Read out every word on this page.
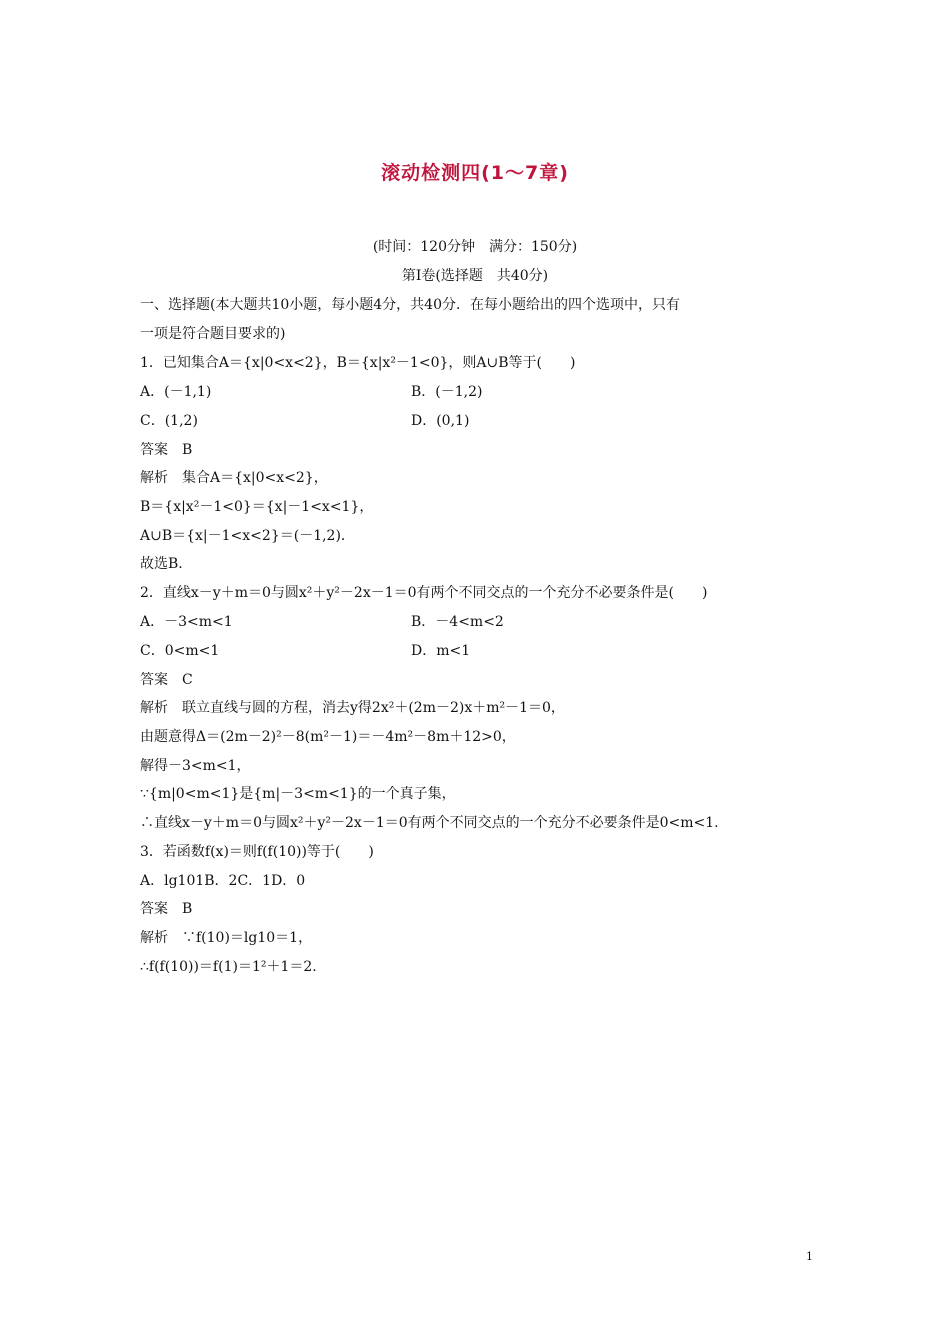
滚动检测四(1～7章)
(时间：120分钟　满分：150分)
第Ⅰ卷(选择题　共40分)
一、选择题(本大题共10小题，每小题4分，共40分．在每小题给出的四个选项中，只有
一项是符合题目要求的)
1．已知集合A＝{x|0<x<2}，B＝{x|x²－1<0}，则A∪B等于(　　)
A．(－1,1)	B．(－1,2)
C．(1,2)	D．(0,1)
答案　B
解析　集合A＝{x|0<x<2}，
B＝{x|x²－1<0}＝{x|－1<x<1}，
A∪B＝{x|－1<x<2}＝(－1,2)．
故选B.
2．直线x－y＋m＝0与圆x²＋y²－2x－1＝0有两个不同交点的一个充分不必要条件是(　　)
A．－3<m<1	B．－4<m<2
C．0<m<1	D．m<1
答案　C
解析　联立直线与圆的方程，消去y得2x²＋(2m－2)x＋m²－1＝0，
由题意得Δ＝(2m－2)²－8(m²－1)＝－4m²－8m＋12>0，
解得－3<m<1，
∵{m|0<m<1}是{m|－3<m<1}的一个真子集，
∴直线x－y＋m＝0与圆x²＋y²－2x－1＝0有两个不同交点的一个充分不必要条件是0<m<1.
3．若函数f(x)＝则f(f(10))等于(　　)
A．lg101B．2C．1D．0
答案　B
解析　∵f(10)＝lg10＝1，
∴f(f(10))＝f(1)＝1²＋1＝2.
1
